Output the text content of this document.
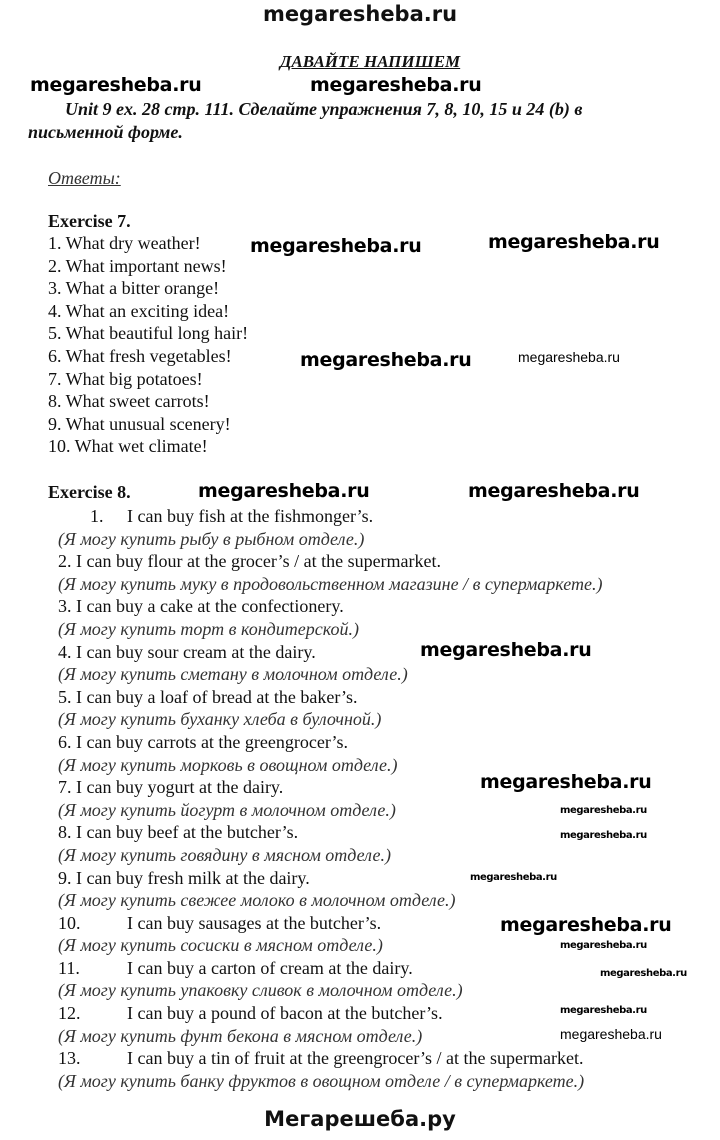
megaresheba.ru
ДАВАЙТЕ НАПИШЕМ
Unit 9 ex. 28 стр. 111. Сделайте упражнения 7, 8, 10, 15 и 24 (b) в
письменной форме.
Ответы:
Exercise 7.
1. What dry weather!
2. What important news!
3. What a bitter orange!
4. What an exciting idea!
5. What beautiful long hair!
6. What fresh vegetables!
7. What big potatoes!
8. What sweet carrots!
9. What unusual scenery!
10. What wet climate!
Exercise 8.
1. I can buy fish at the fishmonger’s.
(Я могу купить рыбу в рыбном отделе.)
2. I can buy flour at the grocer’s / at the supermarket.
(Я могу купить муку в продовольственном магазине / в супермаркете.)
3. I can buy a cake at the confectionery.
(Я могу купить торт в кондитерской.)
4. I can buy sour cream at the dairy.
(Я могу купить сметану в молочном отделе.)
5. I can buy a loaf of bread at the baker’s.
(Я могу купить буханку хлеба в булочной.)
6. I can buy carrots at the greengrocer’s.
(Я могу купить морковь в овощном отделе.)
7. I can buy yogurt at the dairy.
(Я могу купить йогурт в молочном отделе.)
8. I can buy beef at the butcher’s.
(Я могу купить говядину в мясном отделе.)
9. I can buy fresh milk at the dairy.
(Я могу купить свежее молоко в молочном отделе.)
10.	I can buy sausages at the butcher’s.
(Я могу купить сосиски в мясном отделе.)
11.	I can buy a carton of cream at the dairy.
(Я могу купить упаковку сливок в молочном отделе.)
12.	I can buy a pound of bacon at the butcher’s.
(Я могу купить фунт бекона в мясном отделе.)
13.	I can buy a tin of fruit at the greengrocer’s / at the supermarket.
(Я могу купить банку фруктов в овощном отделе / в супермаркете.)
megaresheba.ru	megaresheba.ru
megaresheba.ru	megaresheba.ru
megaresheba.ru
megaresheba.ru	megaresheba.ru
megaresheba.ru
megaresheba.ru
megaresheba.ru
megaresheba.ru
megaresheba.ru
megaresheba.ru
megaresheba.ru
megaresheba.ru
megaresheba.ru
megaresheba.ru
megaresheba.ru
Мегарешеба.ру
